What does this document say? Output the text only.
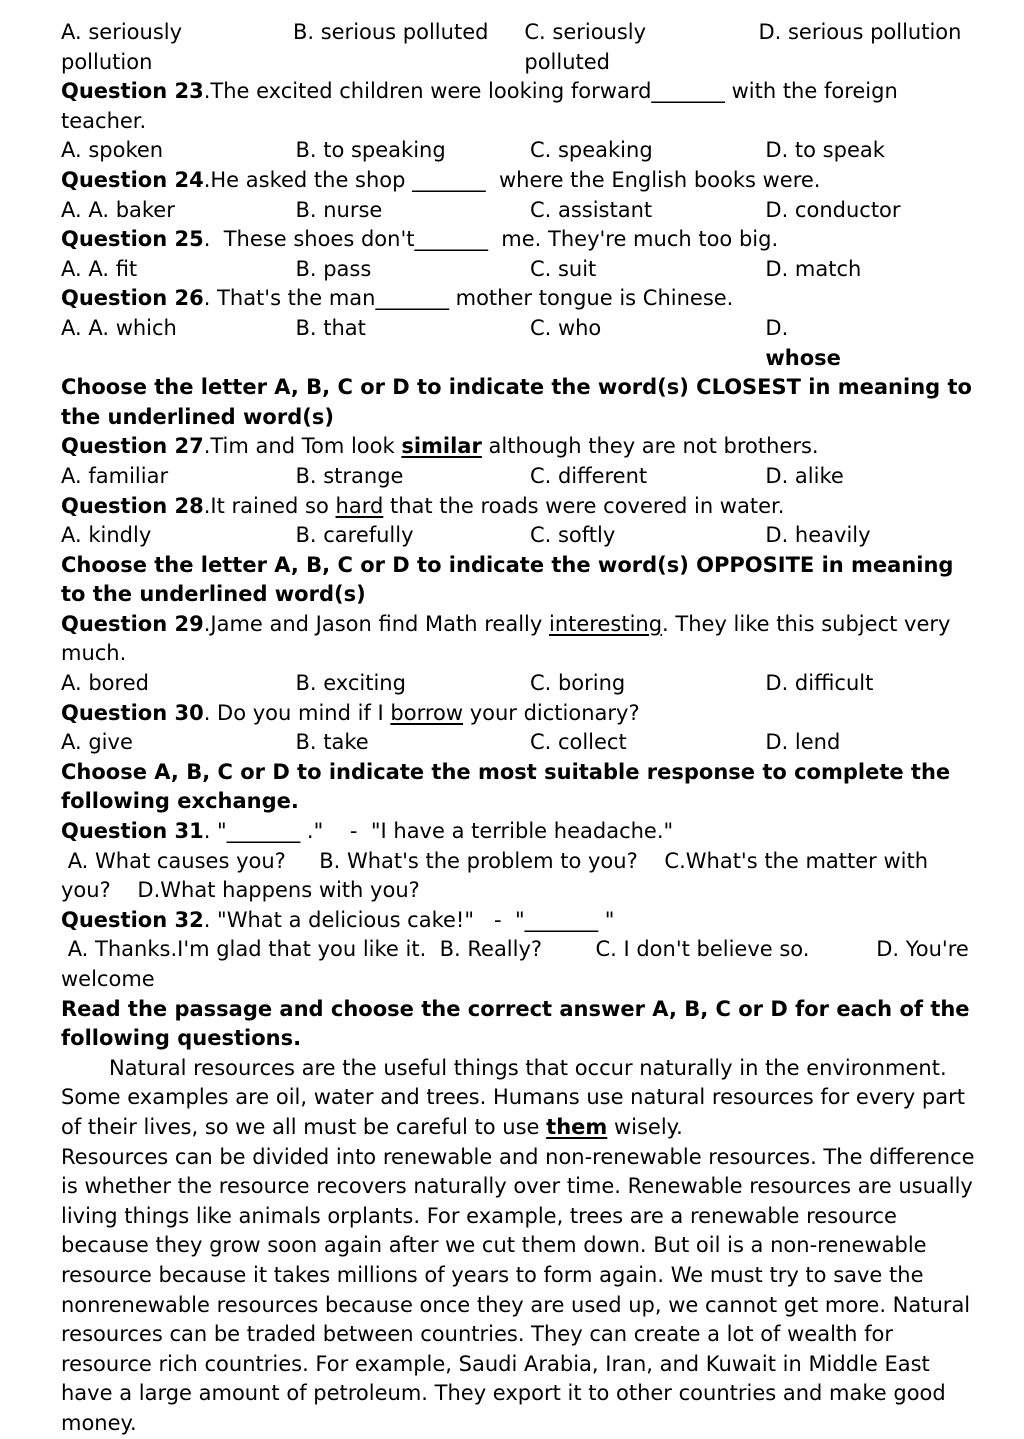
A. seriously pollution
B. serious polluted	C. seriously polluted
D. serious pollution
Question 23.The excited children were looking forward_______ with the foreign teacher.
A. spoken	B. to speaking	C. speaking	D. to speak
Question 24.He asked the shop _______  where the English books were.
A. A. baker	B. nurse	C. assistant	D. conductor
Question 25.  These shoes don't_______  me. They're much too big.
A. A. fit	B. pass	C. suit	D. match
Question 26. That's the man_______ mother tongue is Chinese.
A. A. which	B. that	C. who	D.
whose
Choose the letter A, B, C or D to indicate the word(s) CLOSEST in meaning to the underlined word(s)
Question 27.Tim and Tom look similar although they are not brothers.
A. familiar	B. strange	C. different	D. alike
Question 28.It rained so hard that the roads were covered in water.
A. kindly	B. carefully	C. softly	D. heavily
Choose the letter A, B, C or D to indicate the word(s) OPPOSITE in meaning to the underlined word(s)
Question 29.Jame and Jason find Math really interesting. They like this subject very much.
A. bored	B. exciting	C. boring	D. difficult
Question 30. Do you mind if I borrow your dictionary?
A. give	B. take	C. collect	D. lend
Choose A, B, C or D to indicate the most suitable response to complete the following exchange.
Question 31. "_______ ."    -  "I have a terrible headache."
A. What causes you?     B. What's the problem to you?    C.What's the matter with you?    D.What happens with you?
Question 32. "What a delicious cake!"   -  "_______ "
A. Thanks.I'm glad that you like it.  B. Really?        C. I don't believe so.          D. You're welcome
Read the passage and choose the correct answer A, B, C or D for each of the following questions.
Natural resources are the useful things that occur naturally in the environment. Some examples are oil, water and trees. Humans use natural resources for every part of their lives, so we all must be careful to use them wisely.
Resources can be divided into renewable and non-renewable resources. The difference is whether the resource recovers naturally over time. Renewable resources are usually living things like animals orplants. For example, trees are a renewable resource because they grow soon again after we cut them down. But oil is a non-renewable resource because it takes millions of years to form again. We must try to save the nonrenewable resources because once they are used up, we cannot get more. Natural resources can be traded between countries. They can create a lot of wealth for resource rich countries. For example, Saudi Arabia, Iran, and Kuwait in Middle East have a large amount of petroleum. They export it to other countries and make good money.
